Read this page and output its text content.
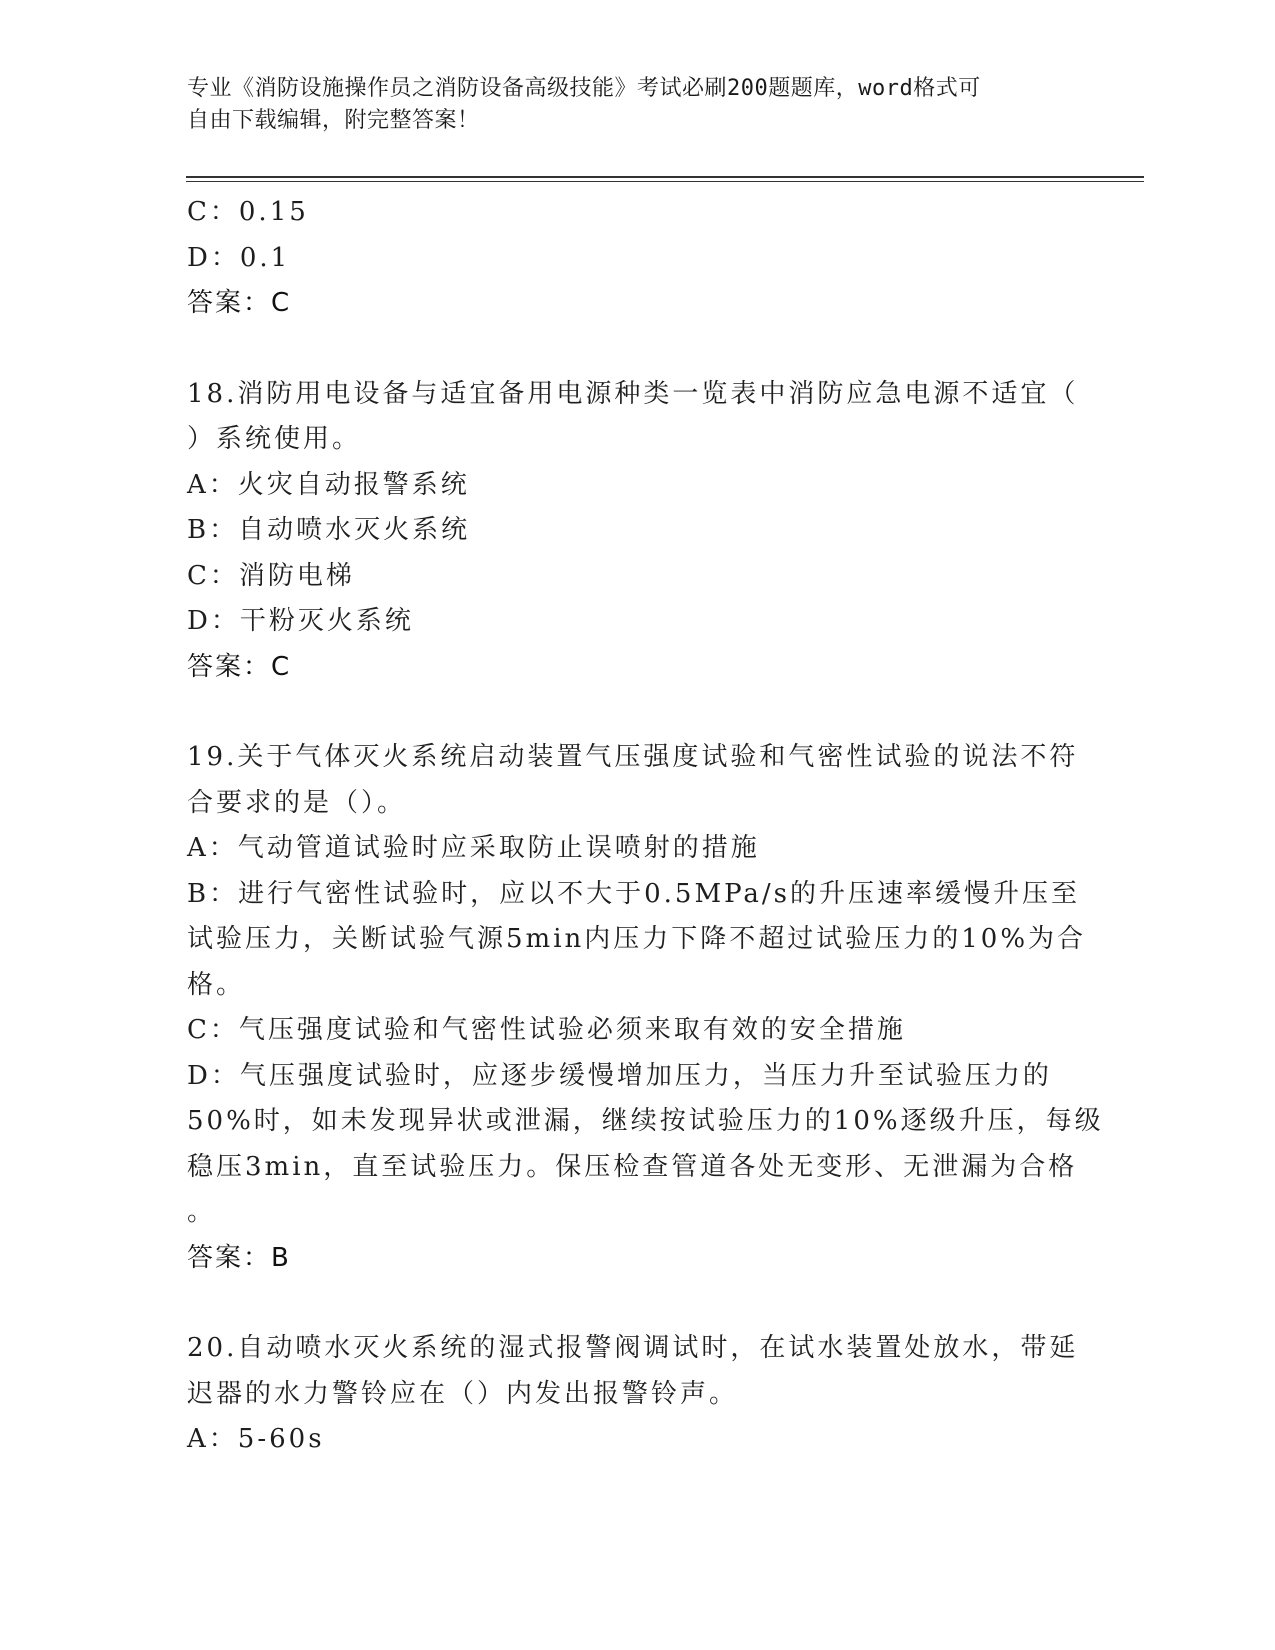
专业《消防设施操作员之消防设备高级技能》考试必刷200题题库，word格式可
自由下载编辑，附完整答案！
C：0.15
D：0.1
答案：C
18.消防用电设备与适宜备用电源种类一览表中消防应急电源不适宜（
）系统使用。
A：火灾自动报警系统
B：自动喷水灭火系统
C：消防电梯
D：干粉灭火系统
答案：C
19.关于气体灭火系统启动装置气压强度试验和气密性试验的说法不符
合要求的是（）。
A：气动管道试验时应采取防止误喷射的措施
B：进行气密性试验时，应以不大于0.5MPa/s的升压速率缓慢升压至
试验压力，关断试验气源5min内压力下降不超过试验压力的10%为合
格。
C：气压强度试验和气密性试验必须来取有效的安全措施
D：气压强度试验时，应逐步缓慢增加压力，当压力升至试验压力的
50%时，如未发现异状或泄漏，继续按试验压力的10%逐级升压，每级
稳压3min，直至试验压力。保压检查管道各处无变形、无泄漏为合格
。
答案：B
20.自动喷水灭火系统的湿式报警阀调试时，在试水装置处放水，带延
迟器的水力警铃应在（）内发出报警铃声。
A：5-60s
